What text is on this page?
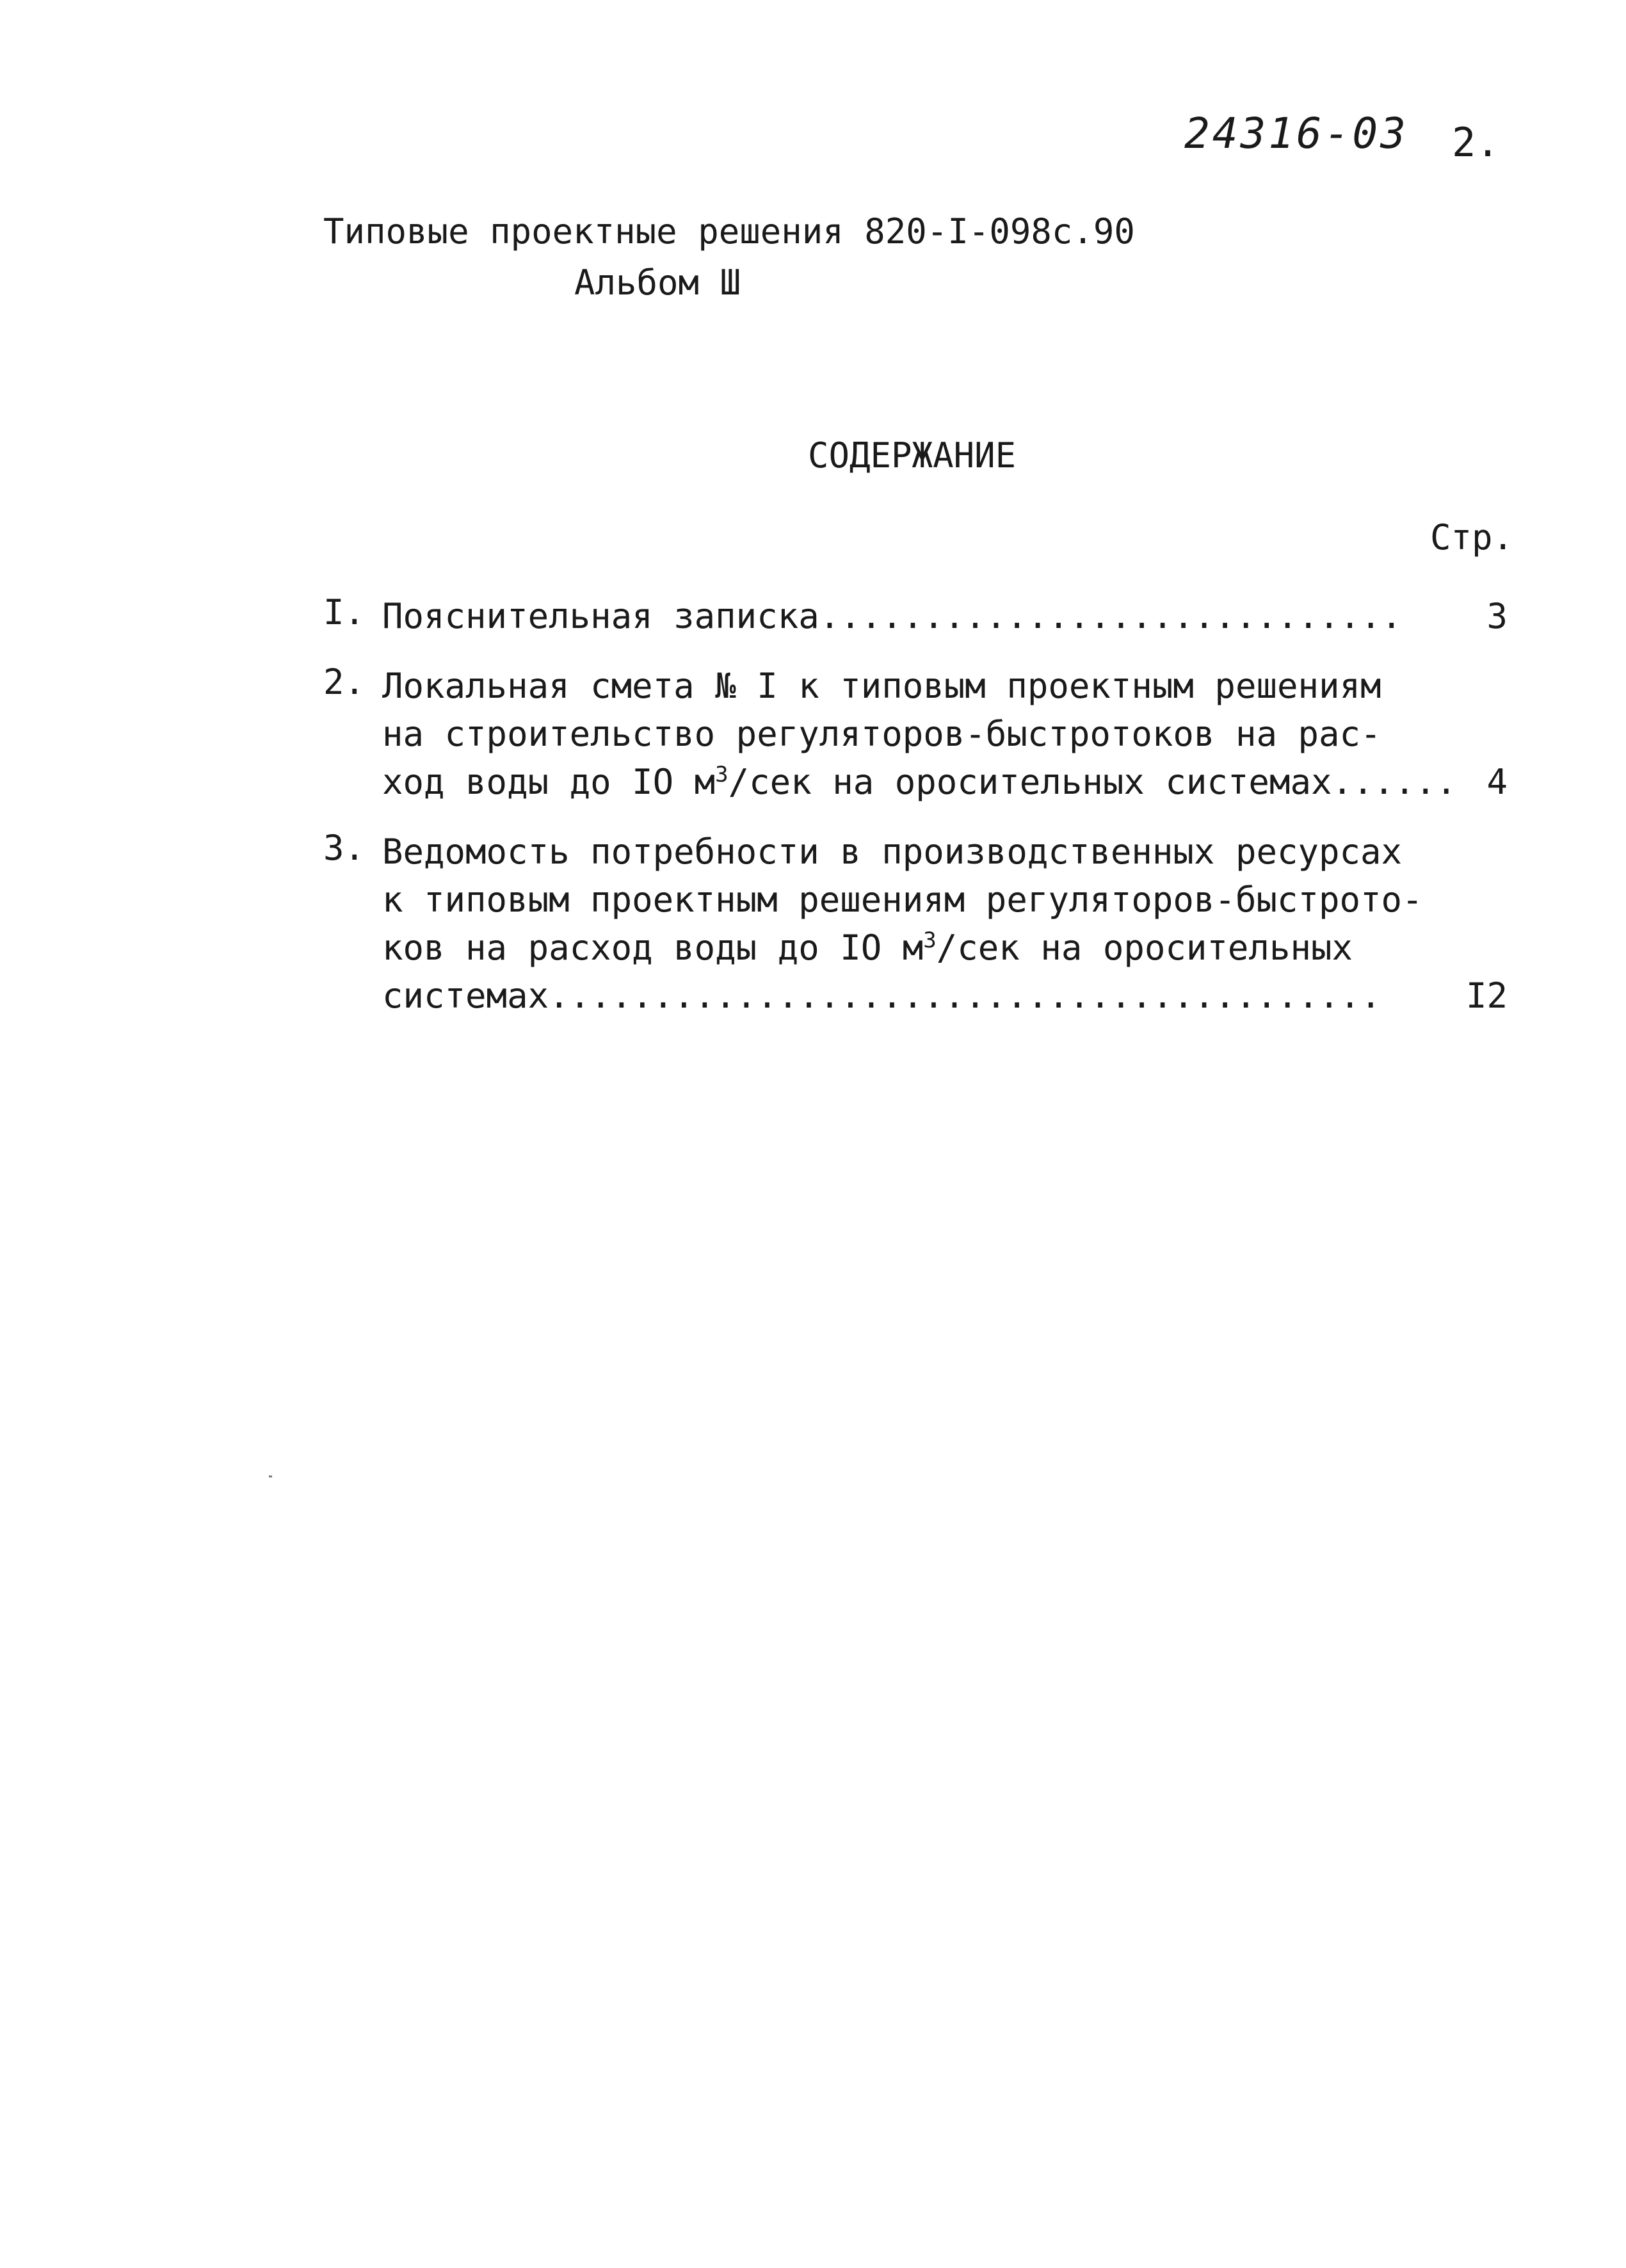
24316-03 2.
Типовые проектные решения 820-I-098с.90
Альбом Ш
СОДЕРЖАНИЕ
Стр.
I. Пояснительная записка............................ 3
2. Локальная смета № I к типовым проектным решениям
на строительство регуляторов-быстротоков на рас-
ход воды до IO $м^3$/сек на оросительных системах...... 4
3. Ведомость потребности в производственных ресурсах
к типовым проектным решениям регуляторов-быстрото-
ков на расход воды до IO $м^3$/сек на оросительных
системах........................................	I2
